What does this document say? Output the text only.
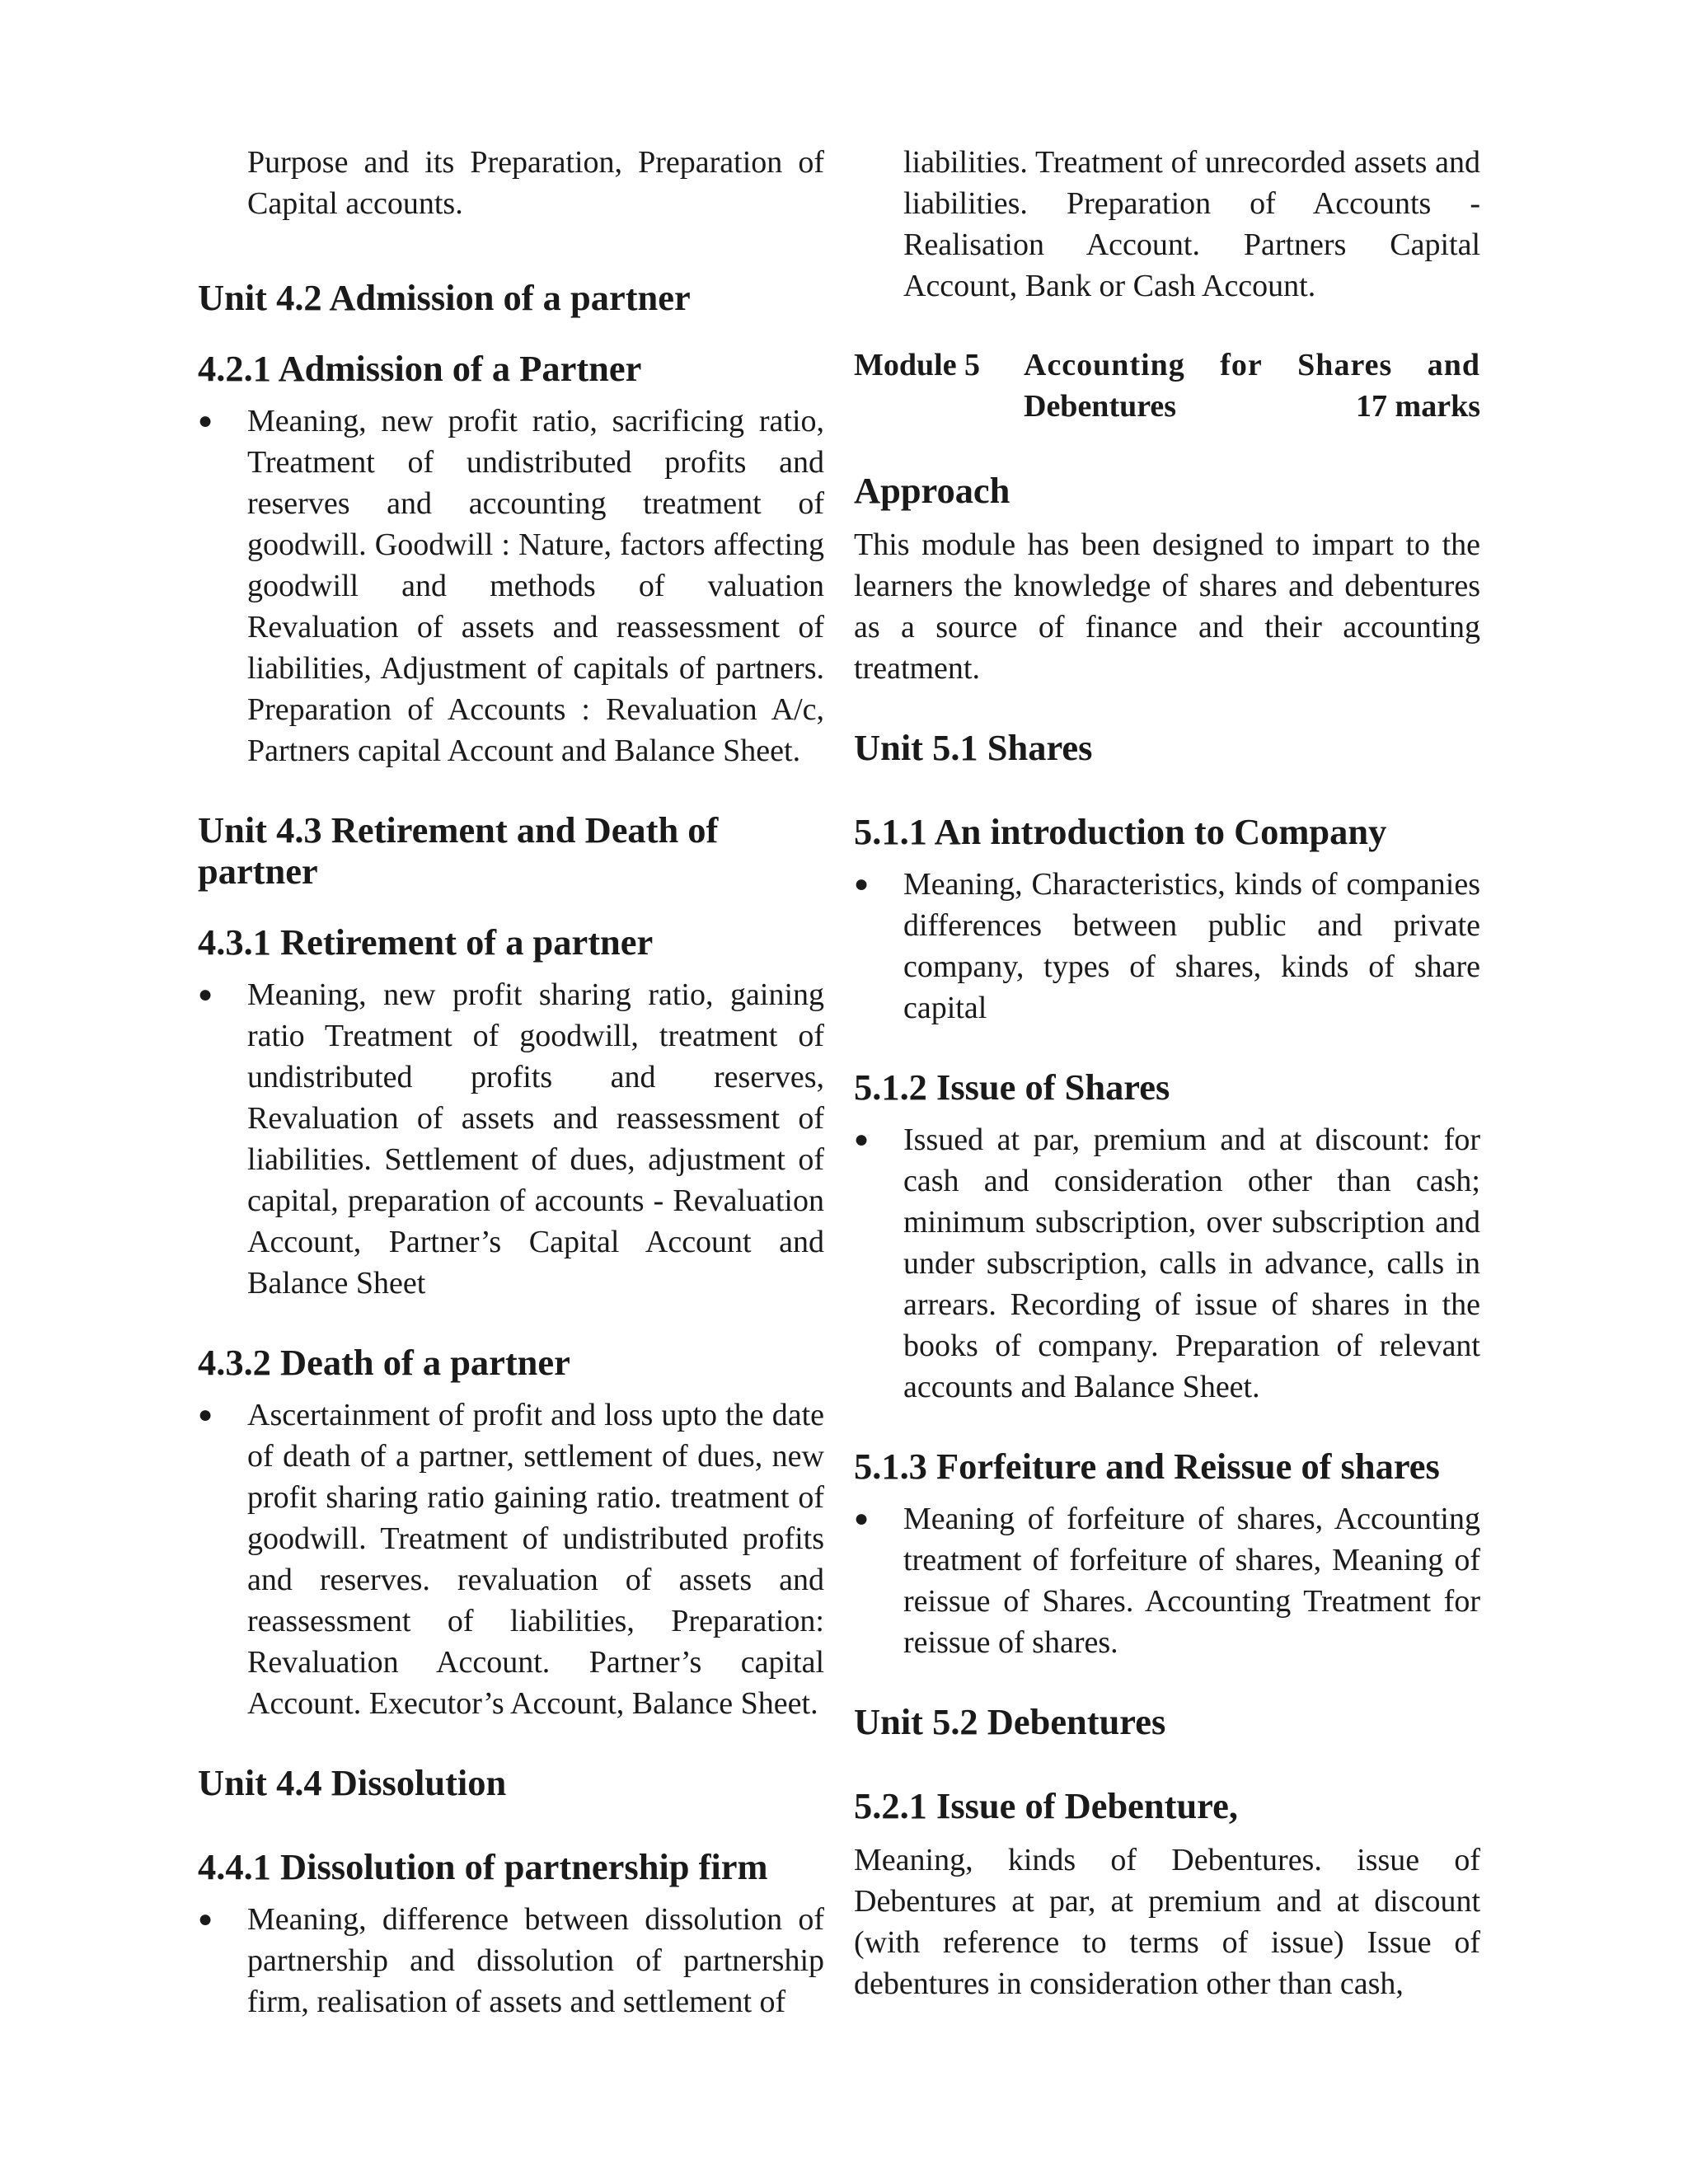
Purpose and its Preparation, Preparation of Capital accounts.

Unit 4.2 Admission of a partner
4.2.1 Admission of a Partner

● Meaning, new profit ratio, sacrificing ratio, Treatment of undistributed profits and reserves and accounting treatment of goodwill. Goodwill : Nature, factors affecting goodwill and methods of valuation Revaluation of assets and reassessment of liabilities, Adjustment of capitals of partners. Preparation of Accounts : Revaluation A/c, Partners capital Account and Balance Sheet.

Unit 4.3 Retirement and Death of partner
4.3.1 Retirement of a partner

● Meaning, new profit sharing ratio, gaining ratio Treatment of goodwill, treatment of undistributed profits and reserves, Revaluation of assets and reassessment of liabilities. Settlement of dues, adjustment of capital, preparation of accounts - Revaluation Account, Partner’s Capital Account and Balance Sheet

4.3.2 Death of a partner

● Ascertainment of profit and loss upto the date of death of a partner, settlement of dues, new profit sharing ratio gaining ratio. treatment of goodwill. Treatment of undistributed profits and reserves. revaluation of assets and reassessment of liabilities, Preparation: Revaluation Account. Partner’s capital Account. Executor’s Account, Balance Sheet.

Unit 4.4 Dissolution
4.4.1 Dissolution of partnership firm

● Meaning, difference between dissolution of partnership and dissolution of partnership firm, realisation of assets and settlement of

liabilities. Treatment of unrecorded assets and liabilities. Preparation of Accounts - Realisation Account. Partners Capital Account, Bank or Cash Account.

Module 5	Accounting for Shares and
Debentures	17 marks
Approach

This module has been designed to impart to the learners the knowledge of shares and debentures as a source of finance and their accounting treatment.

Unit 5.1 Shares
5.1.1 An introduction to Company

● Meaning, Characteristics, kinds of companies differences between public and private company, types of shares, kinds of share capital

5.1.2 Issue of Shares

● Issued at par, premium and at discount: for cash and consideration other than cash; minimum subscription, over subscription and under subscription, calls in advance, calls in arrears. Recording of issue of shares in the books of company. Preparation of relevant accounts and Balance Sheet.

5.1.3 Forfeiture and Reissue of shares

● Meaning of forfeiture of shares, Accounting treatment of forfeiture of shares, Meaning of reissue of Shares. Accounting Treatment for reissue of shares.

Unit 5.2 Debentures
5.2.1 Issue of Debenture,

Meaning, kinds of Debentures. issue of Debentures at par, at premium and at discount (with reference to terms of issue) Issue of debentures in consideration other than cash,
